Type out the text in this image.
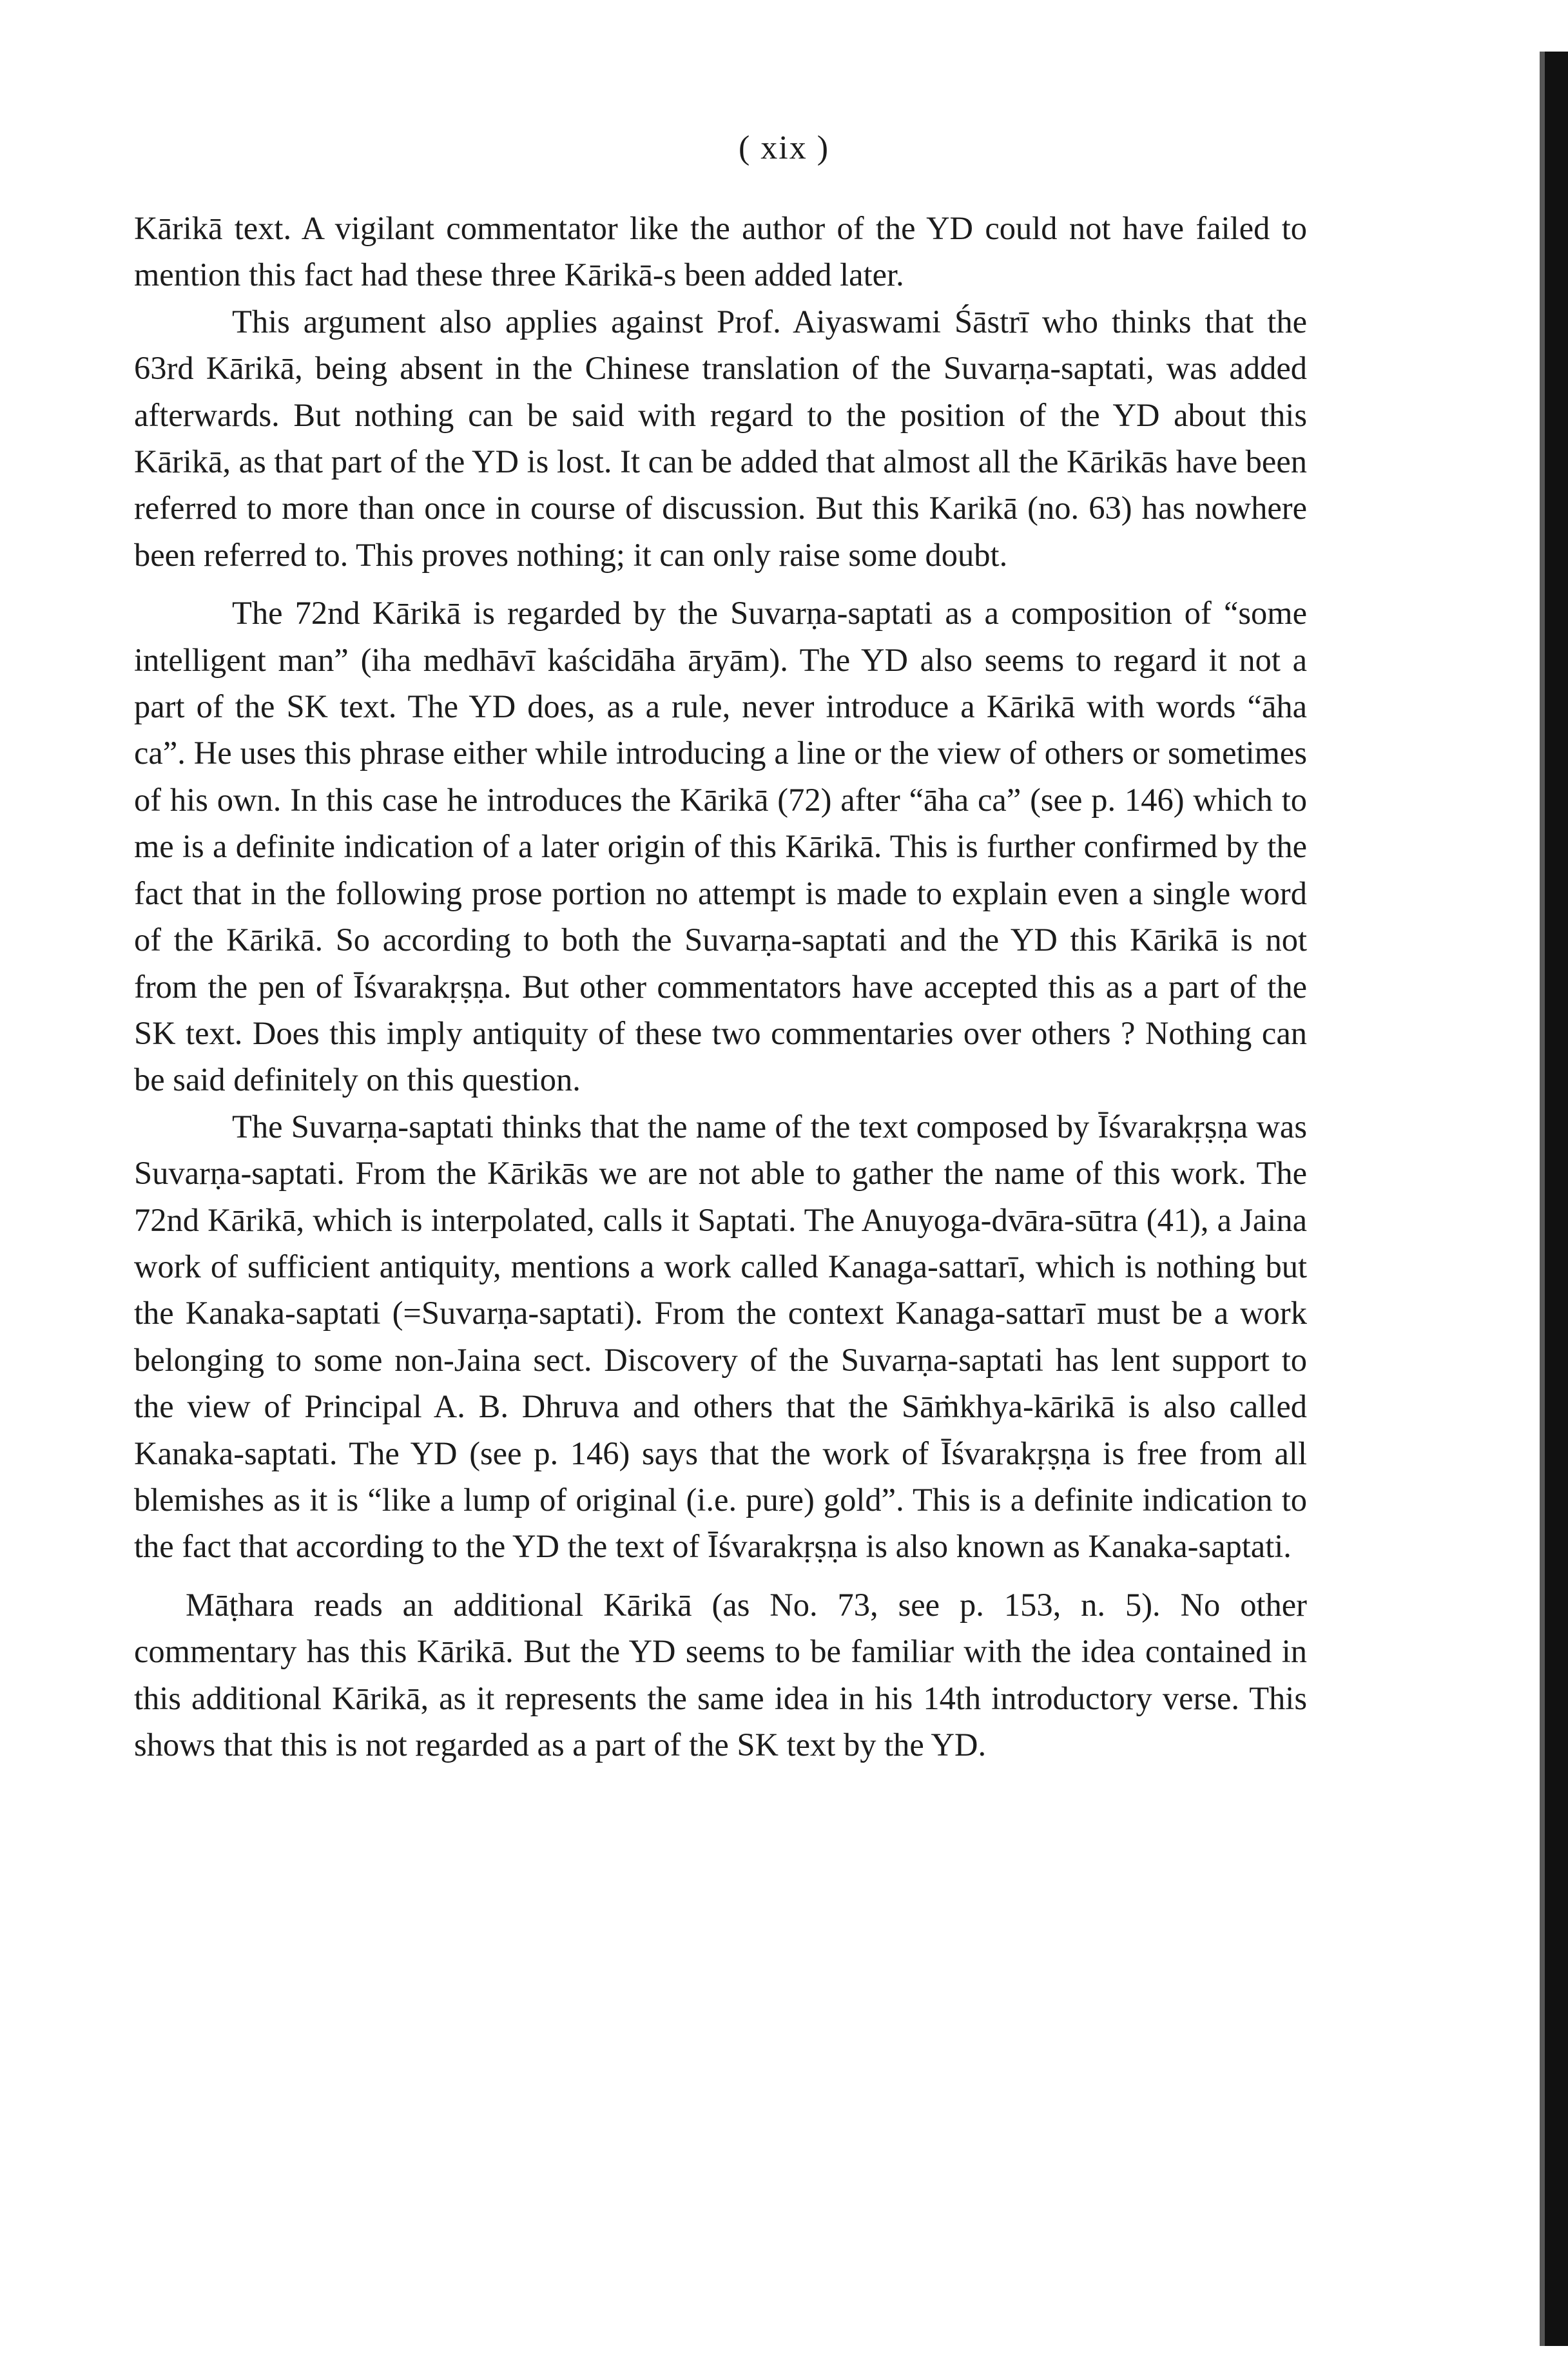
( xix )

Kārikā text. A vigilant commentator like the author of the YD could not have failed to mention this fact had these three Kārikā-s been added later.

This argument also applies against Prof. Aiyaswami Śāstrī who thinks that the 63rd Kārikā, being absent in the Chinese translation of the Suvarṇa-saptati, was added afterwards. But nothing can be said with regard to the position of the YD about this Kārikā, as that part of the YD is lost. It can be added that almost all the Kārikās have been referred to more than once in course of discussion. But this Karikā (no. 63) has nowhere been referred to. This proves nothing; it can only raise some doubt.

The 72nd Kārikā is regarded by the Suvarṇa-saptati as a composition of “some intelligent man” (iha medhāvī kaścidāha āryām). The YD also seems to regard it not a part of the SK text. The YD does, as a rule, never introduce a Kārikā with words “āha ca”. He uses this phrase either while introducing a line or the view of others or sometimes of his own. In this case he introduces the Kārikā (72) after “āha ca” (see p. 146) which to me is a definite indication of a later origin of this Kārikā. This is further confirmed by the fact that in the following prose portion no attempt is made to explain even a single word of the Kārikā. So according to both the Suvarṇa-saptati and the YD this Kārikā is not from the pen of Īśvarakṛṣṇa. But other commentators have accepted this as a part of the SK text. Does this imply antiquity of these two commentaries over others ? Nothing can be said definitely on this question.

The Suvarṇa-saptati thinks that the name of the text composed by Īśvarakṛṣṇa was Suvarṇa-saptati. From the Kārikās we are not able to gather the name of this work. The 72nd Kārikā, which is interpolated, calls it Saptati. The Anuyoga-dvāra-sūtra (41), a Jaina work of sufficient antiquity, mentions a work called Kanaga-sattarī, which is nothing but the Kanaka-saptati (=Suvarṇa-saptati). From the context Kanaga-sattarī must be a work belonging to some non-Jaina sect. Discovery of the Suvarṇa-saptati has lent support to the view of Principal A. B. Dhruva and others that the Sāṁkhya-kārikā is also called Kanaka-saptati. The YD (see p. 146) says that the work of Īśvarakṛṣṇa is free from all blemishes as it is “like a lump of original (i.e. pure) gold”. This is a definite indication to the fact that according to the YD the text of Īśvarakṛṣṇa is also known as Kanaka-saptati.

Māṭhara reads an additional Kārikā (as No. 73, see p. 153, n. 5). No other commentary has this Kārikā. But the YD seems to be familiar with the idea contained in this additional Kārikā, as it represents the same idea in his 14th introductory verse. This shows that this is not regarded as a part of the SK text by the YD.
